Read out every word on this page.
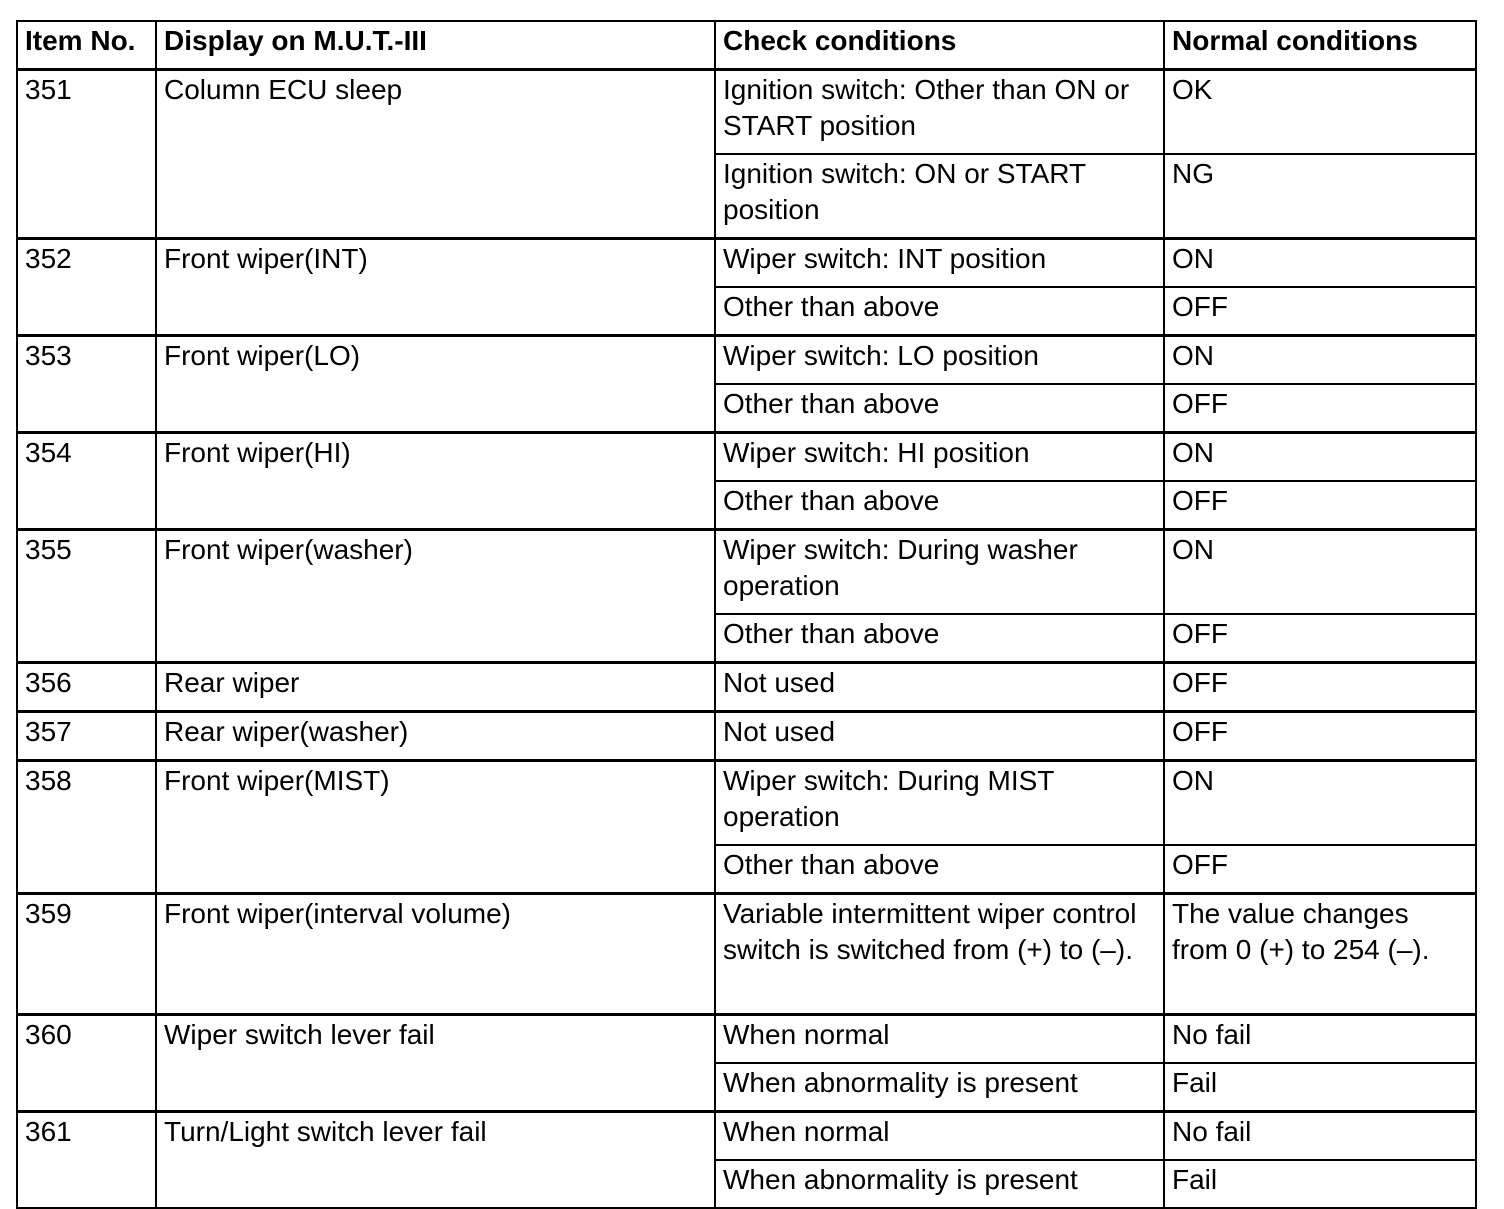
Item No.	Display on M.U.T.-III	Check conditions	Normal conditions
351	Column ECU sleep	Ignition switch: Other than ON or START position	OK
		Ignition switch: ON or START position	NG
352	Front wiper(INT)	Wiper switch: INT position	ON
		Other than above	OFF
353	Front wiper(LO)	Wiper switch: LO position	ON
		Other than above	OFF
354	Front wiper(HI)	Wiper switch: HI position	ON
		Other than above	OFF
355	Front wiper(washer)	Wiper switch: During washer operation	ON
		Other than above	OFF
356	Rear wiper	Not used	OFF
357	Rear wiper(washer)	Not used	OFF
358	Front wiper(MIST)	Wiper switch: During MIST operation	ON
		Other than above	OFF
359	Front wiper(interval volume)	Variable intermittent wiper control switch is switched from (+) to (–).	The value changes from 0 (+) to 254 (–).
360	Wiper switch lever fail	When normal	No fail
		When abnormality is present	Fail
361	Turn/Light switch lever fail	When normal	No fail
		When abnormality is present	Fail
